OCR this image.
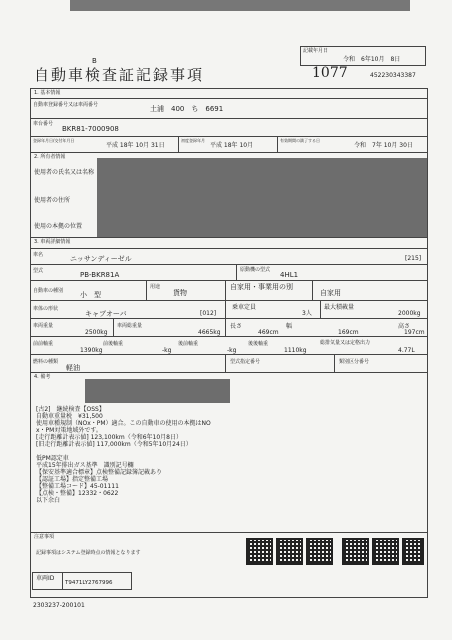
B
自動車検査証記録事項
記載年月日
令和　6年10月　8日
1077	452230343387
1. 基本情報
自動車登録番号又は車両番号	土浦　400　ち　6691
車台番号
BKR81-7000908
登録年月日/交付年月日
平成 18年 10月 31日
初度登録年月
平成 18年 10月
有効期間の満了する日
令和　7年 10月 30日
2. 所有者情報
使用者の氏名又は名称
使用者の住所
使用の本拠の位置
3. 車両詳細情報
車名	ニッサンディーゼル	[215]
型式	PB-BKR81A
原動機の型式
4HL1
自動車の種別 小　型
用途
貨物
自家用・事業用の別
自家用
車体の形状
キャブオーバ	[012]
乗車定員
3人
最大積載量
2000kg
車両重量
2500kg
車両総重量
4665kg
長さ
469cm
幅
169cm
高さ
197cm
前前軸重
1390kg
前後軸重
-kg
後前軸重
-kg
後後軸重
1110kg
総排気量又は定格出力
4.77L
燃料の種類
軽油
型式指定番号	類別区分番号
4. 備考
[古2]　継続検査【OSS】
自動車重量税　¥31,500
使用車種規制（NOx・PM）適合。この自動車の使用の本拠はNO
x・PM対策地域外です。
[走行距離計表示値] 123,100km（令和6年10月8日）
[旧走行距離計表示値] 117,000km（令和5年10月24日）
低PM認定車
平成15年排出ガス基準　識別記号欄
【保安基準適合標章】点検整備記録簿記載あり
【認証工場】指定整備工場
【整備工場コード】45-01111
【点検・整備】12332・0622
以下余白
注意事項
記録事項はシステム登録時点の情報となります
車両ID
T9471LY2767996
2303237-200101
